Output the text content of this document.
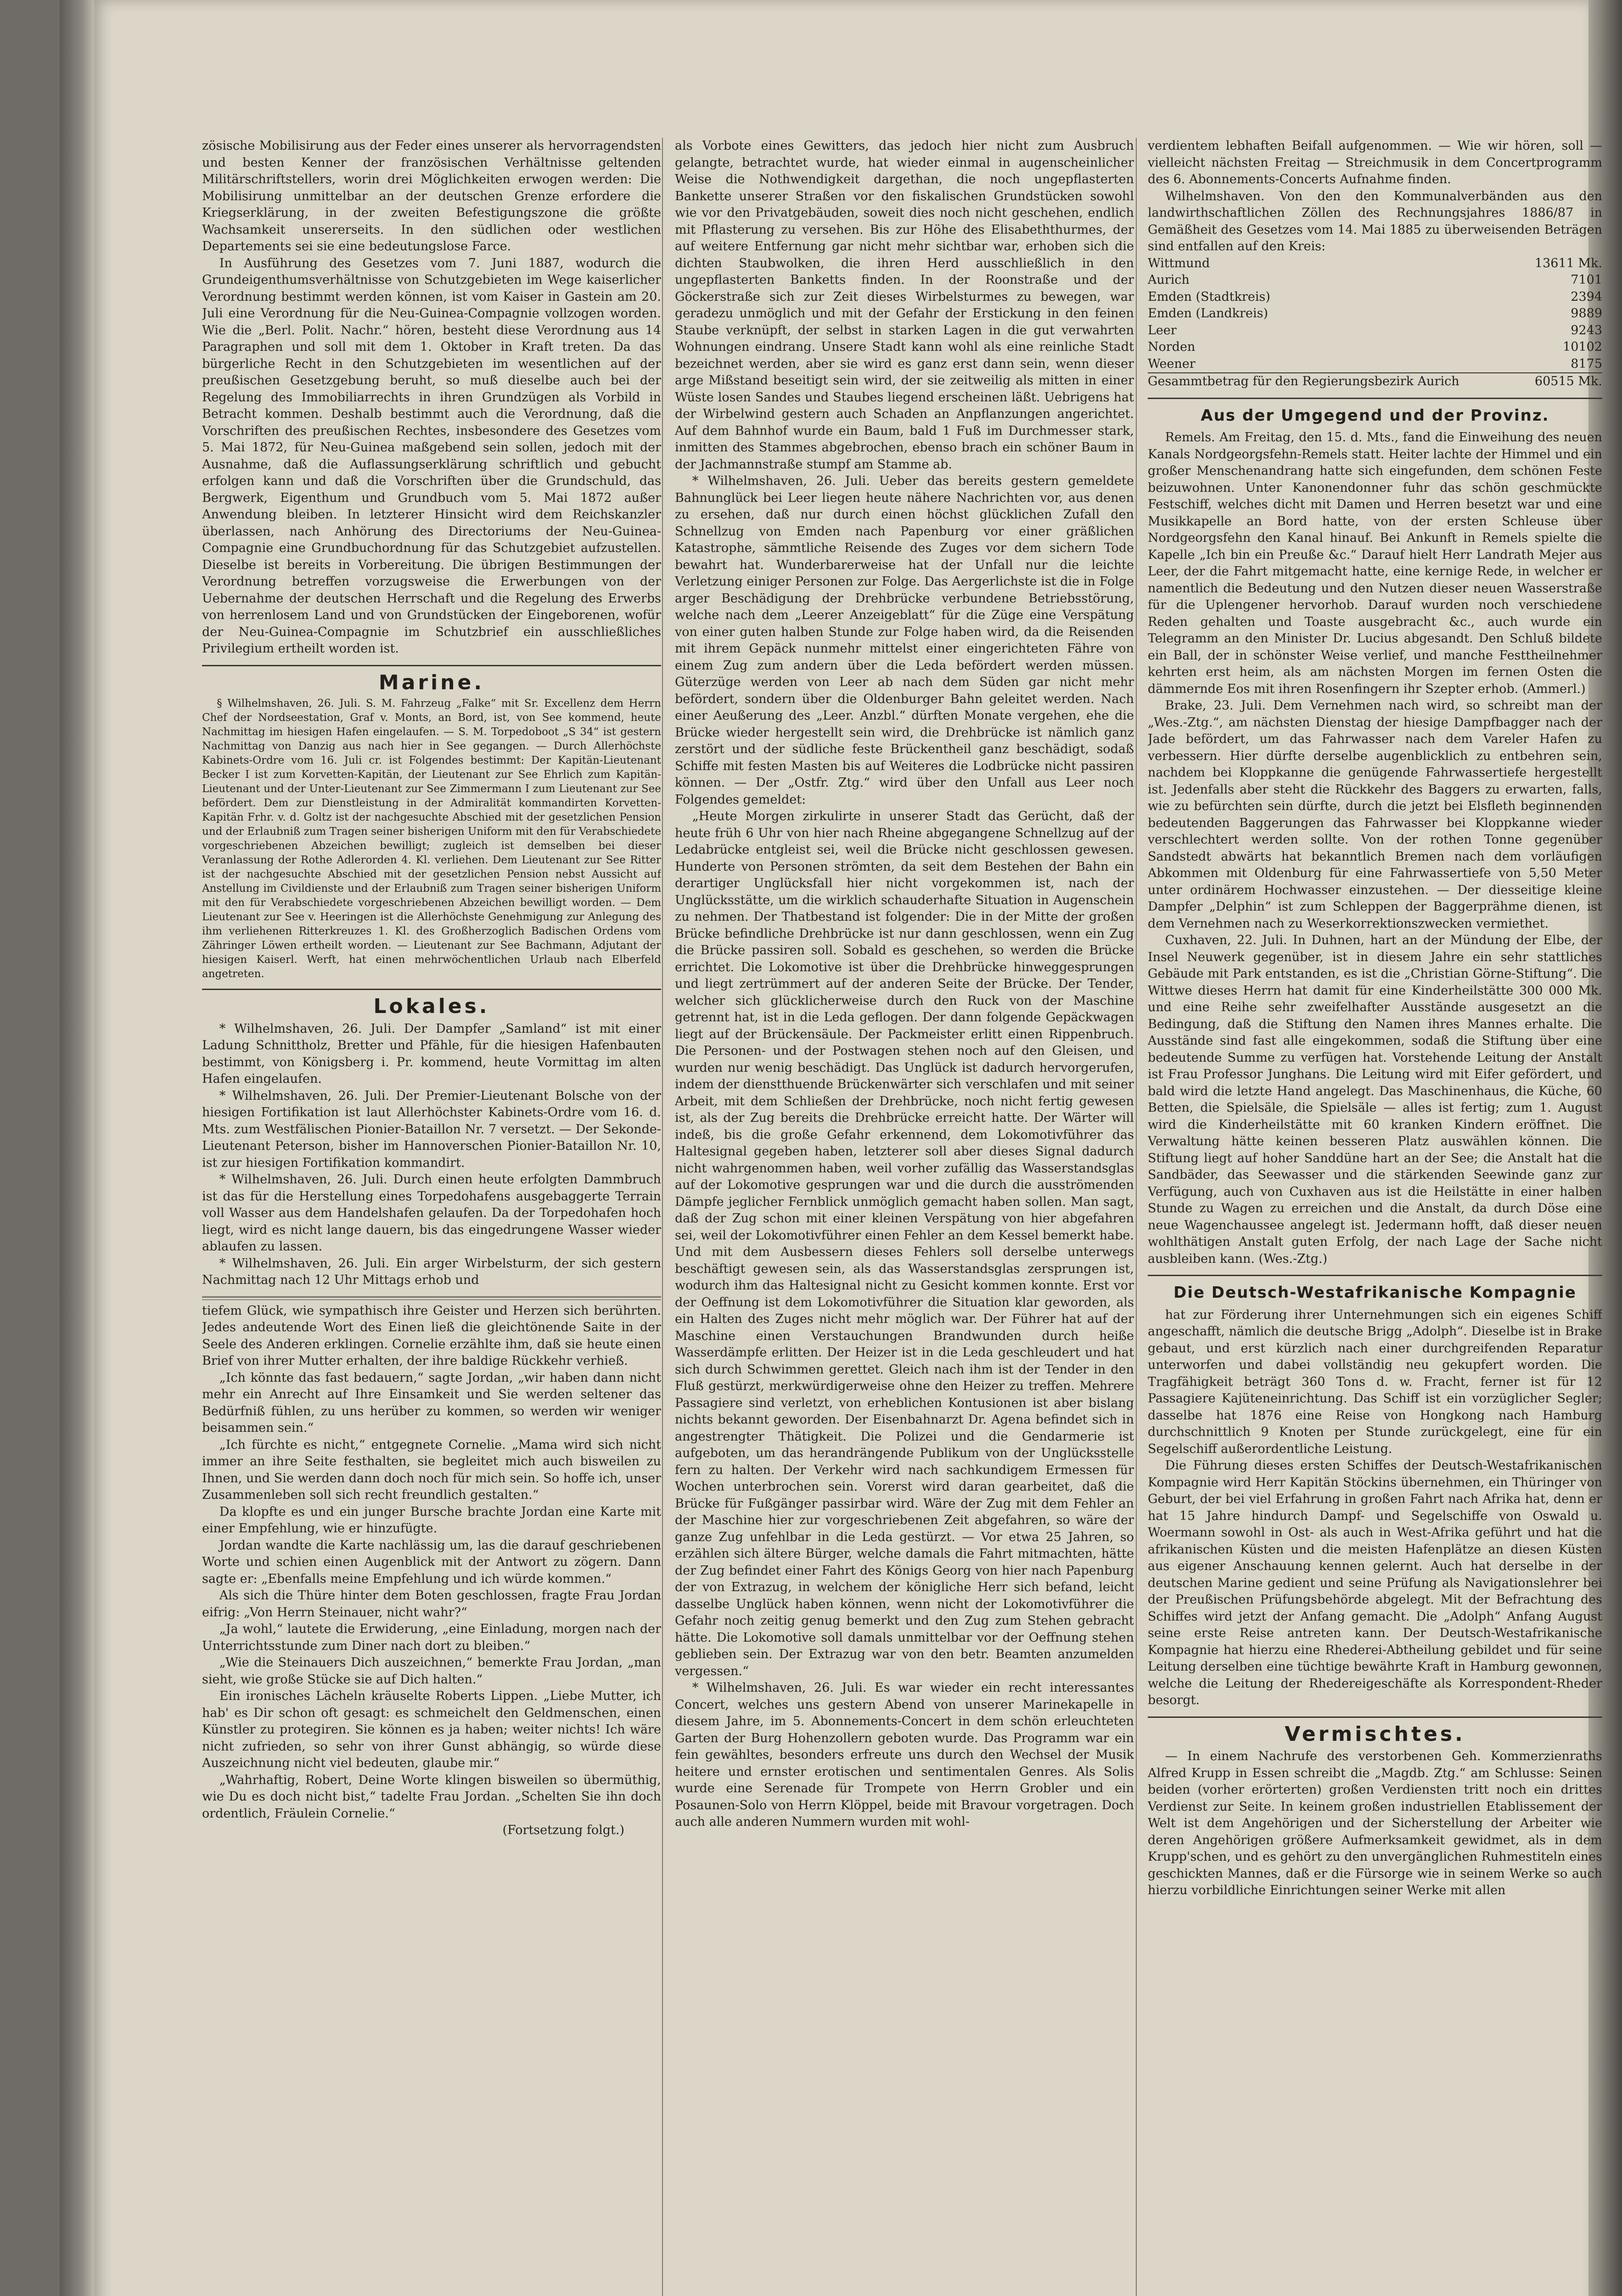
zösische Mobilisirung aus der Feder eines unserer als hervorragendsten und besten Kenner der französischen Verhältnisse geltenden Militärschriftstellers, worin drei Möglichkeiten erwogen werden: Die Mobilisirung unmittelbar an der deutschen Grenze erfordere die Kriegserklärung, in der zweiten Befestigungszone die größte Wachsamkeit unsererseits. In den südlichen oder westlichen Departements sei sie eine bedeutungslose Farce.

In Ausführung des Gesetzes vom 7. Juni 1887, wodurch die Grundeigenthumsverhältnisse von Schutzgebieten im Wege kaiserlicher Verordnung bestimmt werden können, ist vom Kaiser in Gastein am 20. Juli eine Verordnung für die Neu-Guinea-Compagnie vollzogen worden. Wie die „Berl. Polit. Nachr.“ hören, besteht diese Verordnung aus 14 Paragraphen und soll mit dem 1. Oktober in Kraft treten. Da das bürgerliche Recht in den Schutzgebieten im wesentlichen auf der preußischen Gesetzgebung beruht, so muß dieselbe auch bei der Regelung des Immobiliarrechts in ihren Grundzügen als Vorbild in Betracht kommen. Deshalb bestimmt auch die Verordnung, daß die Vorschriften des preußischen Rechtes, insbesondere des Gesetzes vom 5. Mai 1872, für Neu-Guinea maßgebend sein sollen, jedoch mit der Ausnahme, daß die Auflassungserklärung schriftlich und gebucht erfolgen kann und daß die Vorschriften über die Grundschuld, das Bergwerk, Eigenthum und Grundbuch vom 5. Mai 1872 außer Anwendung bleiben. In letzterer Hinsicht wird dem Reichskanzler überlassen, nach Anhörung des Directoriums der Neu-Guinea-Compagnie eine Grundbuchordnung für das Schutzgebiet aufzustellen. Dieselbe ist bereits in Vorbereitung. Die übrigen Bestimmungen der Verordnung betreffen vorzugsweise die Erwerbungen von der Uebernahme der deutschen Herrschaft und die Regelung des Erwerbs von herrenlosem Land und von Grundstücken der Eingeborenen, wofür der Neu-Guinea-Compagnie im Schutzbrief ein ausschließliches Privilegium ertheilt worden ist.

Marine.

§ Wilhelmshaven, 26. Juli. S. M. Fahrzeug „Falke“ mit Sr. Excellenz dem Herrn Chef der Nordseestation, Graf v. Monts, an Bord, ist, von See kommend, heute Nachmittag im hiesigen Hafen eingelaufen. — S. M. Torpedoboot „S 34“ ist gestern Nachmittag von Danzig aus nach hier in See gegangen. — Durch Allerhöchste Kabinets-Ordre vom 16. Juli cr. ist Folgendes bestimmt: Der Kapitän-Lieutenant Becker I ist zum Korvetten-Kapitän, der Lieutenant zur See Ehrlich zum Kapitän-Lieutenant und der Unter-Lieutenant zur See Zimmermann I zum Lieutenant zur See befördert. Dem zur Dienstleistung in der Admiralität kommandirten Korvetten-Kapitän Frhr. v. d. Goltz ist der nachgesuchte Abschied mit der gesetzlichen Pension und der Erlaubniß zum Tragen seiner bisherigen Uniform mit den für Verabschiedete vorgeschriebenen Abzeichen bewilligt; zugleich ist demselben bei dieser Veranlassung der Rothe Adlerorden 4. Kl. verliehen. Dem Lieutenant zur See Ritter ist der nachgesuchte Abschied mit der gesetzlichen Pension nebst Aussicht auf Anstellung im Civildienste und der Erlaubniß zum Tragen seiner bisherigen Uniform mit den für Verabschiedete vorgeschriebenen Abzeichen bewilligt worden. — Dem Lieutenant zur See v. Heeringen ist die Allerhöchste Genehmigung zur Anlegung des ihm verliehenen Ritterkreuzes 1. Kl. des Großherzoglich Badischen Ordens vom Zähringer Löwen ertheilt worden. — Lieutenant zur See Bachmann, Adjutant der hiesigen Kaiserl. Werft, hat einen mehrwöchentlichen Urlaub nach Elberfeld angetreten.

Lokales.

* Wilhelmshaven, 26. Juli. Der Dampfer „Samland“ ist mit einer Ladung Schnittholz, Bretter und Pfähle, für die hiesigen Hafenbauten bestimmt, von Königsberg i. Pr. kommend, heute Vormittag im alten Hafen eingelaufen.

* Wilhelmshaven, 26. Juli. Der Premier-Lieutenant Bolsche von der hiesigen Fortifikation ist laut Allerhöchster Kabinets-Ordre vom 16. d. Mts. zum Westfälischen Pionier-Bataillon Nr. 7 versetzt. — Der Sekonde-Lieutenant Peterson, bisher im Hannoverschen Pionier-Bataillon Nr. 10, ist zur hiesigen Fortifikation kommandirt.

* Wilhelmshaven, 26. Juli. Durch einen heute erfolgten Dammbruch ist das für die Herstellung eines Torpedohafens ausgebaggerte Terrain voll Wasser aus dem Handelshafen gelaufen. Da der Torpedohafen hoch liegt, wird es nicht lange dauern, bis das eingedrungene Wasser wieder ablaufen zu lassen.

* Wilhelmshaven, 26. Juli. Ein arger Wirbelsturm, der sich gestern Nachmittag nach 12 Uhr Mittags erhob und

tiefem Glück, wie sympathisch ihre Geister und Herzen sich berührten. Jedes andeutende Wort des Einen ließ die gleichtönende Saite in der Seele des Anderen erklingen. Cornelie erzählte ihm, daß sie heute einen Brief von ihrer Mutter erhalten, der ihre baldige Rückkehr verhieß.

„Ich könnte das fast bedauern,“ sagte Jordan, „wir haben dann nicht mehr ein Anrecht auf Ihre Einsamkeit und Sie werden seltener das Bedürfniß fühlen, zu uns herüber zu kommen, so werden wir weniger beisammen sein.“

„Ich fürchte es nicht,“ entgegnete Cornelie. „Mama wird sich nicht immer an ihre Seite festhalten, sie begleitet mich auch bisweilen zu Ihnen, und Sie werden dann doch noch für mich sein. So hoffe ich, unser Zusammenleben soll sich recht freundlich gestalten.“

Da klopfte es und ein junger Bursche brachte Jordan eine Karte mit einer Empfehlung, wie er hinzufügte.

Jordan wandte die Karte nachlässig um, las die darauf geschriebenen Worte und schien einen Augenblick mit der Antwort zu zögern. Dann sagte er: „Ebenfalls meine Empfehlung und ich würde kommen.“

Als sich die Thüre hinter dem Boten geschlossen, fragte Frau Jordan eifrig: „Von Herrn Steinauer, nicht wahr?“

„Ja wohl,“ lautete die Erwiderung, „eine Einladung, morgen nach der Unterrichtsstunde zum Diner nach dort zu bleiben.“

„Wie die Steinauers Dich auszeichnen,“ bemerkte Frau Jordan, „man sieht, wie große Stücke sie auf Dich halten.“

Ein ironisches Lächeln kräuselte Roberts Lippen. „Liebe Mutter, ich hab' es Dir schon oft gesagt: es schmeichelt den Geldmenschen, einen Künstler zu protegiren. Sie können es ja haben; weiter nichts! Ich wäre nicht zufrieden, so sehr von ihrer Gunst abhängig, so würde diese Auszeichnung nicht viel bedeuten, glaube mir.“

„Wahrhaftig, Robert, Deine Worte klingen bisweilen so übermüthig, wie Du es doch nicht bist,“ tadelte Frau Jordan. „Schelten Sie ihn doch ordentlich, Fräulein Cornelie.“

(Fortsetzung folgt.)

als Vorbote eines Gewitters, das jedoch hier nicht zum Ausbruch gelangte, betrachtet wurde, hat wieder einmal in augenscheinlicher Weise die Nothwendigkeit dargethan, die noch ungepflasterten Bankette unserer Straßen vor den fiskalischen Grundstücken sowohl wie vor den Privatgebäuden, soweit dies noch nicht geschehen, endlich mit Pflasterung zu versehen. Bis zur Höhe des Elisabeththurmes, der auf weitere Entfernung gar nicht mehr sichtbar war, erhoben sich die dichten Staubwolken, die ihren Herd ausschließlich in den ungepflasterten Banketts finden. In der Roonstraße und der Göckerstraße sich zur Zeit dieses Wirbelsturmes zu bewegen, war geradezu unmöglich und mit der Gefahr der Erstickung in den feinen Staube verknüpft, der selbst in starken Lagen in die gut verwahrten Wohnungen eindrang. Unsere Stadt kann wohl als eine reinliche Stadt bezeichnet werden, aber sie wird es ganz erst dann sein, wenn dieser arge Mißstand beseitigt sein wird, der sie zeitweilig als mitten in einer Wüste losen Sandes und Staubes liegend erscheinen läßt. Uebrigens hat der Wirbelwind gestern auch Schaden an Anpflanzungen angerichtet. Auf dem Bahnhof wurde ein Baum, bald 1 Fuß im Durchmesser stark, inmitten des Stammes abgebrochen, ebenso brach ein schöner Baum in der Jachmannstraße stumpf am Stamme ab.

* Wilhelmshaven, 26. Juli. Ueber das bereits gestern gemeldete Bahnunglück bei Leer liegen heute nähere Nachrichten vor, aus denen zu ersehen, daß nur durch einen höchst glücklichen Zufall den Schnellzug von Emden nach Papenburg vor einer gräßlichen Katastrophe, sämmtliche Reisende des Zuges vor dem sichern Tode bewahrt hat. Wunderbarerweise hat der Unfall nur die leichte Verletzung einiger Personen zur Folge. Das Aergerlichste ist die in Folge arger Beschädigung der Drehbrücke verbundene Betriebsstörung, welche nach dem „Leerer Anzeigeblatt“ für die Züge eine Verspätung von einer guten halben Stunde zur Folge haben wird, da die Reisenden mit ihrem Gepäck nunmehr mittelst einer eingerichteten Fähre von einem Zug zum andern über die Leda befördert werden müssen. Güterzüge werden von Leer ab nach dem Süden gar nicht mehr befördert, sondern über die Oldenburger Bahn geleitet werden. Nach einer Aeußerung des „Leer. Anzbl.“ dürften Monate vergehen, ehe die Brücke wieder hergestellt sein wird, die Drehbrücke ist nämlich ganz zerstört und der südliche feste Brückentheil ganz beschädigt, sodaß Schiffe mit festen Masten bis auf Weiteres die Lodbrücke nicht passiren können. — Der „Ostfr. Ztg.“ wird über den Unfall aus Leer noch Folgendes gemeldet:

„Heute Morgen zirkulirte in unserer Stadt das Gerücht, daß der heute früh 6 Uhr von hier nach Rheine abgegangene Schnellzug auf der Ledabrücke entgleist sei, weil die Brücke nicht geschlossen gewesen. Hunderte von Personen strömten, da seit dem Bestehen der Bahn ein derartiger Unglücksfall hier nicht vorgekommen ist, nach der Unglücksstätte, um die wirklich schauderhafte Situation in Augenschein zu nehmen. Der Thatbestand ist folgender: Die in der Mitte der großen Brücke befindliche Drehbrücke ist nur dann geschlossen, wenn ein Zug die Brücke passiren soll. Sobald es geschehen, so werden die Brücke errichtet. Die Lokomotive ist über die Drehbrücke hinweggesprungen und liegt zertrümmert auf der anderen Seite der Brücke. Der Tender, welcher sich glücklicherweise durch den Ruck von der Maschine getrennt hat, ist in die Leda geflogen. Der dann folgende Gepäckwagen liegt auf der Brückensäule. Der Packmeister erlitt einen Rippenbruch. Die Personen- und der Postwagen stehen noch auf den Gleisen, und wurden nur wenig beschädigt. Das Unglück ist dadurch hervorgerufen, indem der dienstthuende Brückenwärter sich verschlafen und mit seiner Arbeit, mit dem Schließen der Drehbrücke, noch nicht fertig gewesen ist, als der Zug bereits die Drehbrücke erreicht hatte. Der Wärter will indeß, bis die große Gefahr erkennend, dem Lokomotivführer das Haltesignal gegeben haben, letzterer soll aber dieses Signal dadurch nicht wahrgenommen haben, weil vorher zufällig das Wasserstandsglas auf der Lokomotive gesprungen war und die durch die ausströmenden Dämpfe jeglicher Fernblick unmöglich gemacht haben sollen. Man sagt, daß der Zug schon mit einer kleinen Verspätung von hier abgefahren sei, weil der Lokomotivführer einen Fehler an dem Kessel bemerkt habe. Und mit dem Ausbessern dieses Fehlers soll derselbe unterwegs beschäftigt gewesen sein, als das Wasserstandsglas zersprungen ist, wodurch ihm das Haltesignal nicht zu Gesicht kommen konnte. Erst vor der Oeffnung ist dem Lokomotivführer die Situation klar geworden, als ein Halten des Zuges nicht mehr möglich war. Der Führer hat auf der Maschine einen Verstauchungen Brandwunden durch heiße Wasserdämpfe erlitten. Der Heizer ist in die Leda geschleudert und hat sich durch Schwimmen gerettet. Gleich nach ihm ist der Tender in den Fluß gestürzt, merkwürdigerweise ohne den Heizer zu treffen. Mehrere Passagiere sind verletzt, von erheblichen Kontusionen ist aber bislang nichts bekannt geworden. Der Eisenbahnarzt Dr. Agena befindet sich in angestrengter Thätigkeit. Die Polizei und die Gendarmerie ist aufgeboten, um das herandrängende Publikum von der Unglücksstelle fern zu halten. Der Verkehr wird nach sachkundigem Ermessen für Wochen unterbrochen sein. Vorerst wird daran gearbeitet, daß die Brücke für Fußgänger passirbar wird. Wäre der Zug mit dem Fehler an der Maschine hier zur vorgeschriebenen Zeit abgefahren, so wäre der ganze Zug unfehlbar in die Leda gestürzt. — Vor etwa 25 Jahren, so erzählen sich ältere Bürger, welche damals die Fahrt mitmachten, hätte der Zug befindet einer Fahrt des Königs Georg von hier nach Papenburg der von Extrazug, in welchem der königliche Herr sich befand, leicht dasselbe Unglück haben können, wenn nicht der Lokomotivführer die Gefahr noch zeitig genug bemerkt und den Zug zum Stehen gebracht hätte. Die Lokomotive soll damals unmittelbar vor der Oeffnung stehen geblieben sein. Der Extrazug war von den betr. Beamten anzumelden vergessen.“

* Wilhelmshaven, 26. Juli. Es war wieder ein recht interessantes Concert, welches uns gestern Abend von unserer Marinekapelle in diesem Jahre, im 5. Abonnements-Concert in dem schön erleuchteten Garten der Burg Hohenzollern geboten wurde. Das Programm war ein fein gewähltes, besonders erfreute uns durch den Wechsel der Musik heitere und ernster erotischen und sentimentalen Genres. Als Solis wurde eine Serenade für Trompete von Herrn Grobler und ein Posaunen-Solo von Herrn Klöppel, beide mit Bravour vorgetragen. Doch auch alle anderen Nummern wurden mit wohl-

verdientem lebhaften Beifall aufgenommen. — Wie wir hören, soll — vielleicht nächsten Freitag — Streichmusik in dem Concertprogramm des 6. Abonnements-Concerts Aufnahme finden.

Wilhelmshaven. Von den den Kommunalverbänden aus den landwirthschaftlichen Zöllen des Rechnungsjahres 1886/87 in Gemäßheit des Gesetzes vom 14. Mai 1885 zu überweisenden Beträgen sind entfallen auf den Kreis:

Wittmund	13611 Mk.
Aurich	7101
Emden (Stadtkreis)	2394
Emden (Landkreis)	9889
Leer	9243
Norden	10102
Weener	8175
Gesammtbetrag für den Regierungsbezirk Aurich	60515 Mk.
Aus der Umgegend und der Provinz.

Remels. Am Freitag, den 15. d. Mts., fand die Einweihung des neuen Kanals Nordgeorgsfehn-Remels statt. Heiter lachte der Himmel und ein großer Menschenandrang hatte sich eingefunden, dem schönen Feste beizuwohnen. Unter Kanonendonner fuhr das schön geschmückte Festschiff, welches dicht mit Damen und Herren besetzt war und eine Musikkapelle an Bord hatte, von der ersten Schleuse über Nordgeorgsfehn den Kanal hinauf. Bei Ankunft in Remels spielte die Kapelle „Ich bin ein Preuße &c.“ Darauf hielt Herr Landrath Mejer aus Leer, der die Fahrt mitgemacht hatte, eine kernige Rede, in welcher er namentlich die Bedeutung und den Nutzen dieser neuen Wasserstraße für die Uplengener hervorhob. Darauf wurden noch verschiedene Reden gehalten und Toaste ausgebracht &c., auch wurde ein Telegramm an den Minister Dr. Lucius abgesandt. Den Schluß bildete ein Ball, der in schönster Weise verlief, und manche Festtheilnehmer kehrten erst heim, als am nächsten Morgen im fernen Osten die dämmernde Eos mit ihren Rosenfingern ihr Szepter erhob. (Ammerl.)

Brake, 23. Juli. Dem Vernehmen nach wird, so schreibt man der „Wes.-Ztg.“, am nächsten Dienstag der hiesige Dampfbagger nach der Jade befördert, um das Fahrwasser nach dem Vareler Hafen zu verbessern. Hier dürfte derselbe augenblicklich zu entbehren sein, nachdem bei Kloppkanne die genügende Fahrwassertiefe hergestellt ist. Jedenfalls aber steht die Rückkehr des Baggers zu erwarten, falls, wie zu befürchten sein dürfte, durch die jetzt bei Elsfleth beginnenden bedeutenden Baggerungen das Fahrwasser bei Kloppkanne wieder verschlechtert werden sollte. Von der rothen Tonne gegenüber Sandstedt abwärts hat bekanntlich Bremen nach dem vorläufigen Abkommen mit Oldenburg für eine Fahrwassertiefe von 5,50 Meter unter ordinärem Hochwasser einzustehen. — Der diesseitige kleine Dampfer „Delphin“ ist zum Schleppen der Baggerprähme dienen, ist dem Vernehmen nach zu Weserkorrektionszwecken vermiethet.

Cuxhaven, 22. Juli. In Duhnen, hart an der Mündung der Elbe, der Insel Neuwerk gegenüber, ist in diesem Jahre ein sehr stattliches Gebäude mit Park entstanden, es ist die „Christian Görne-Stiftung“. Die Wittwe dieses Herrn hat damit für eine Kinderheilstätte 300 000 Mk. und eine Reihe sehr zweifelhafter Ausstände ausgesetzt an die Bedingung, daß die Stiftung den Namen ihres Mannes erhalte. Die Ausstände sind fast alle eingekommen, sodaß die Stiftung über eine bedeutende Summe zu verfügen hat. Vorstehende Leitung der Anstalt ist Frau Professor Junghans. Die Leitung wird mit Eifer gefördert, und bald wird die letzte Hand angelegt. Das Maschinenhaus, die Küche, 60 Betten, die Spielsäle, die Spielsäle — alles ist fertig; zum 1. August wird die Kinderheilstätte mit 60 kranken Kindern eröffnet. Die Verwaltung hätte keinen besseren Platz auswählen können. Die Stiftung liegt auf hoher Sanddüne hart an der See; die Anstalt hat die Sandbäder, das Seewasser und die stärkenden Seewinde ganz zur Verfügung, auch von Cuxhaven aus ist die Heilstätte in einer halben Stunde zu Wagen zu erreichen und die Anstalt, da durch Döse eine neue Wagenchaussee angelegt ist. Jedermann hofft, daß dieser neuen wohlthätigen Anstalt guten Erfolg, der nach Lage der Sache nicht ausbleiben kann. (Wes.-Ztg.)

Die Deutsch-Westafrikanische Kompagnie

hat zur Förderung ihrer Unternehmungen sich ein eigenes Schiff angeschafft, nämlich die deutsche Brigg „Adolph“. Dieselbe ist in Brake gebaut, und erst kürzlich nach einer durchgreifenden Reparatur unterworfen und dabei vollständig neu gekupfert worden. Die Tragfähigkeit beträgt 360 Tons d. w. Fracht, ferner ist für 12 Passagiere Kajüteneinrichtung. Das Schiff ist ein vorzüglicher Segler; dasselbe hat 1876 eine Reise von Hongkong nach Hamburg durchschnittlich 9 Knoten per Stunde zurückgelegt, eine für ein Segelschiff außerordentliche Leistung.

Die Führung dieses ersten Schiffes der Deutsch-Westafrikanischen Kompagnie wird Herr Kapitän Stöckins übernehmen, ein Thüringer von Geburt, der bei viel Erfahrung in großen Fahrt nach Afrika hat, denn er hat 15 Jahre hindurch Dampf- und Segelschiffe von Oswald u. Woermann sowohl in Ost- als auch in West-Afrika geführt und hat die afrikanischen Küsten und die meisten Hafenplätze an diesen Küsten aus eigener Anschauung kennen gelernt. Auch hat derselbe in der deutschen Marine gedient und seine Prüfung als Navigationslehrer bei der Preußischen Prüfungsbehörde abgelegt. Mit der Befrachtung des Schiffes wird jetzt der Anfang gemacht. Die „Adolph“ Anfang August seine erste Reise antreten kann. Der Deutsch-Westafrikanische Kompagnie hat hierzu eine Rhederei-Abtheilung gebildet und für seine Leitung derselben eine tüchtige bewährte Kraft in Hamburg gewonnen, welche die Leitung der Rhedereigeschäfte als Korrespondent-Rheder besorgt.

Vermischtes.

— In einem Nachrufe des verstorbenen Geh. Kommerzienraths Alfred Krupp in Essen schreibt die „Magdb. Ztg.“ am Schlusse: Seinen beiden (vorher erörterten) großen Verdiensten tritt noch ein drittes Verdienst zur Seite. In keinem großen industriellen Etablissement der Welt ist dem Angehörigen und der Sicherstellung der Arbeiter wie deren Angehörigen größere Aufmerksamkeit gewidmet, als in dem Krupp'schen, und es gehört zu den unvergänglichen Ruhmestiteln eines geschickten Mannes, daß er die Fürsorge wie in seinem Werke so auch hierzu vorbildliche Einrichtungen seiner Werke mit allen
